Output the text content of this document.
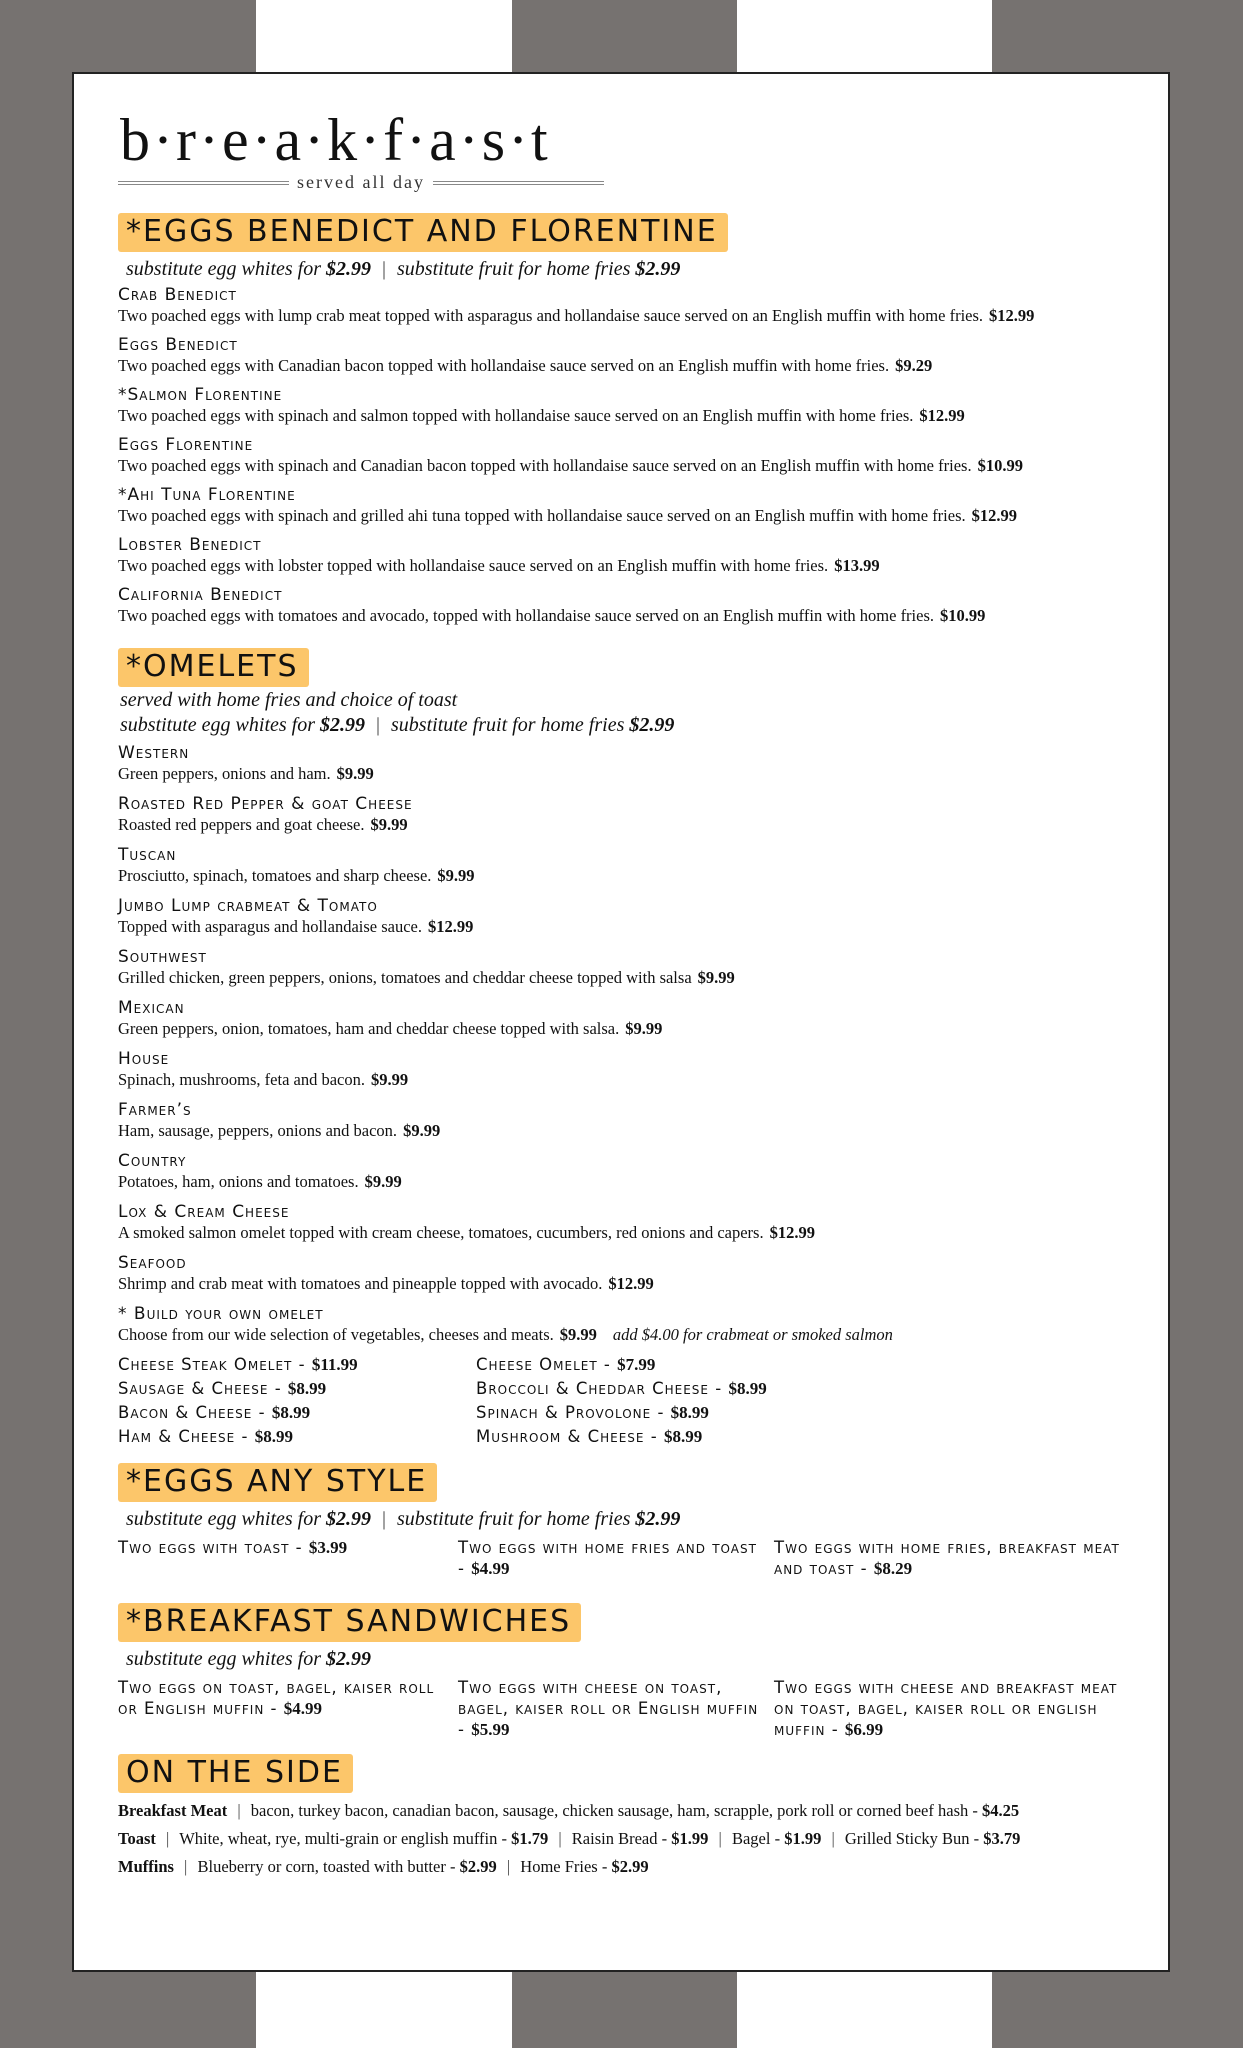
b·r·e·a·k·f·a·s·t
served all day
*EGGS BENEDICT AND FLORENTINE
substitute egg whites for $2.99 | substitute fruit for home fries $2.99
Crab Benedict
Two poached eggs with lump crab meat topped with asparagus and hollandaise sauce served on an English muffin with home fries. $12.99
Eggs Benedict
Two poached eggs with Canadian bacon topped with hollandaise sauce served on an English muffin with home fries. $9.29
*Salmon Florentine
Two poached eggs with spinach and salmon topped with hollandaise sauce served on an English muffin with home fries. $12.99
Eggs Florentine
Two poached eggs with spinach and Canadian bacon topped with hollandaise sauce served on an English muffin with home fries. $10.99
*Ahi Tuna Florentine
Two poached eggs with spinach and grilled ahi tuna topped with hollandaise sauce served on an English muffin with home fries. $12.99
Lobster Benedict
Two poached eggs with lobster topped with hollandaise sauce served on an English muffin with home fries. $13.99
California Benedict
Two poached eggs with tomatoes and avocado, topped with hollandaise sauce served on an English muffin with home fries. $10.99
*OMELETS
served with home fries and choice of toast
substitute egg whites for $2.99 | substitute fruit for home fries $2.99
Western
Green peppers, onions and ham. $9.99
Roasted Red Pepper & goat Cheese
Roasted red peppers and goat cheese. $9.99
Tuscan
Prosciutto, spinach, tomatoes and sharp cheese. $9.99
Jumbo Lump crabmeat & Tomato
Topped with asparagus and hollandaise sauce. $12.99
Southwest
Grilled chicken, green peppers, onions, tomatoes and cheddar cheese topped with salsa $9.99
Mexican
Green peppers, onion, tomatoes, ham and cheddar cheese topped with salsa. $9.99
House
Spinach, mushrooms, feta and bacon. $9.99
Farmer’s
Ham, sausage, peppers, onions and bacon. $9.99
Country
Potatoes, ham, onions and tomatoes. $9.99
Lox & Cream Cheese
A smoked salmon omelet topped with cream cheese, tomatoes, cucumbers, red onions and capers. $12.99
Seafood
Shrimp and crab meat with tomatoes and pineapple topped with avocado. $12.99
* Build your own omelet
Choose from our wide selection of vegetables, cheeses and meats. $9.99 add $4.00 for crabmeat or smoked salmon
Cheese Steak Omelet - $11.99	Cheese Omelet - $7.99
Sausage & Cheese - $8.99	Broccoli & Cheddar Cheese - $8.99
Bacon & Cheese - $8.99	Spinach & Provolone - $8.99
Ham & Cheese - $8.99	Mushroom & Cheese - $8.99
*EGGS ANY STYLE
substitute egg whites for $2.99 | substitute fruit for home fries $2.99
Two eggs with toast - $3.99	Two eggs with home fries and toast - $4.99
Two eggs with home fries, breakfast meat and toast - $8.29
*BREAKFAST SANDWICHES
substitute egg whites for $2.99
Two eggs on toast, bagel, kaiser roll or English muffin - $4.99
Two eggs with cheese on toast, bagel, kaiser roll or English muffin - $5.99
Two eggs with cheese and breakfast meat on toast, bagel, kaiser roll or english muffin - $6.99
ON THE SIDE
Breakfast Meat | bacon, turkey bacon, canadian bacon, sausage, chicken sausage, ham, scrapple, pork roll or corned beef hash - $4.25
Toast | White, wheat, rye, multi-grain or english muffin - $1.79 | Raisin Bread - $1.99 | Bagel - $1.99 | Grilled Sticky Bun - $3.79
Muffins | Blueberry or corn, toasted with butter - $2.99 | Home Fries - $2.99
